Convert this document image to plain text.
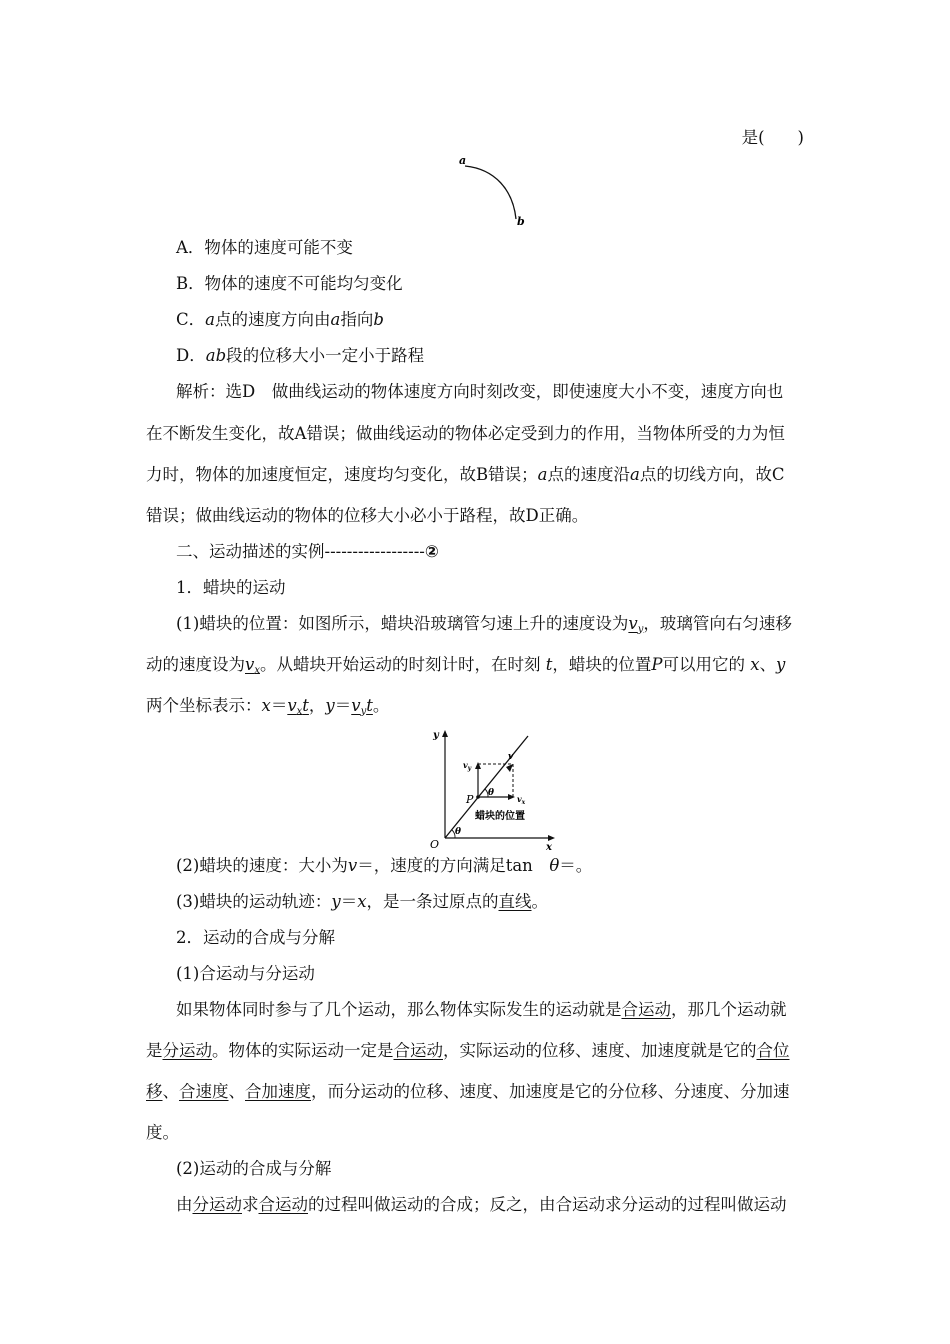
是(　　)
a
b
A．物体的速度可能不变
B．物体的速度不可能均匀变化
C．a点的速度方向由a指向b
D．ab段的位移大小一定小于路程
解析：选D　做曲线运动的物体速度方向时刻改变，即使速度大小不变，速度方向也
在不断发生变化，故A错误；做曲线运动的物体必定受到力的作用，当物体所受的力为恒
力时，物体的加速度恒定，速度均匀变化，故B错误；a点的速度沿a点的切线方向，故C
错误；做曲线运动的物体的位移大小必小于路程，故D正确。
二、运动描述的实例------------------②
1．蜡块的运动
(1)蜡块的位置：如图所示，蜡块沿玻璃管匀速上升的速度设为$v_y$，玻璃管向右匀速移
动的速度设为$v_x$。从蜡块开始运动的时刻计时，在时刻 t，蜡块的位置P可以用它的 x、y
两个坐标表示：$x=v_xt$，$y=v_yt$。
y
x
O
P
v
$v_y$
$v_x$
θ
θ
蜡块的位置
(2)蜡块的速度：大小为v＝，速度的方向满足tan　θ＝。
(3)蜡块的运动轨迹：y＝x，是一条过原点的直线。
2．运动的合成与分解
(1)合运动与分运动
如果物体同时参与了几个运动，那么物体实际发生的运动就是合运动，那几个运动就
是分运动。物体的实际运动一定是合运动，实际运动的位移、速度、加速度就是它的合位
移、合速度、合加速度，而分运动的位移、速度、加速度是它的分位移、分速度、分加速
度。
(2)运动的合成与分解
由分运动求合运动的过程叫做运动的合成；反之，由合运动求分运动的过程叫做运动
